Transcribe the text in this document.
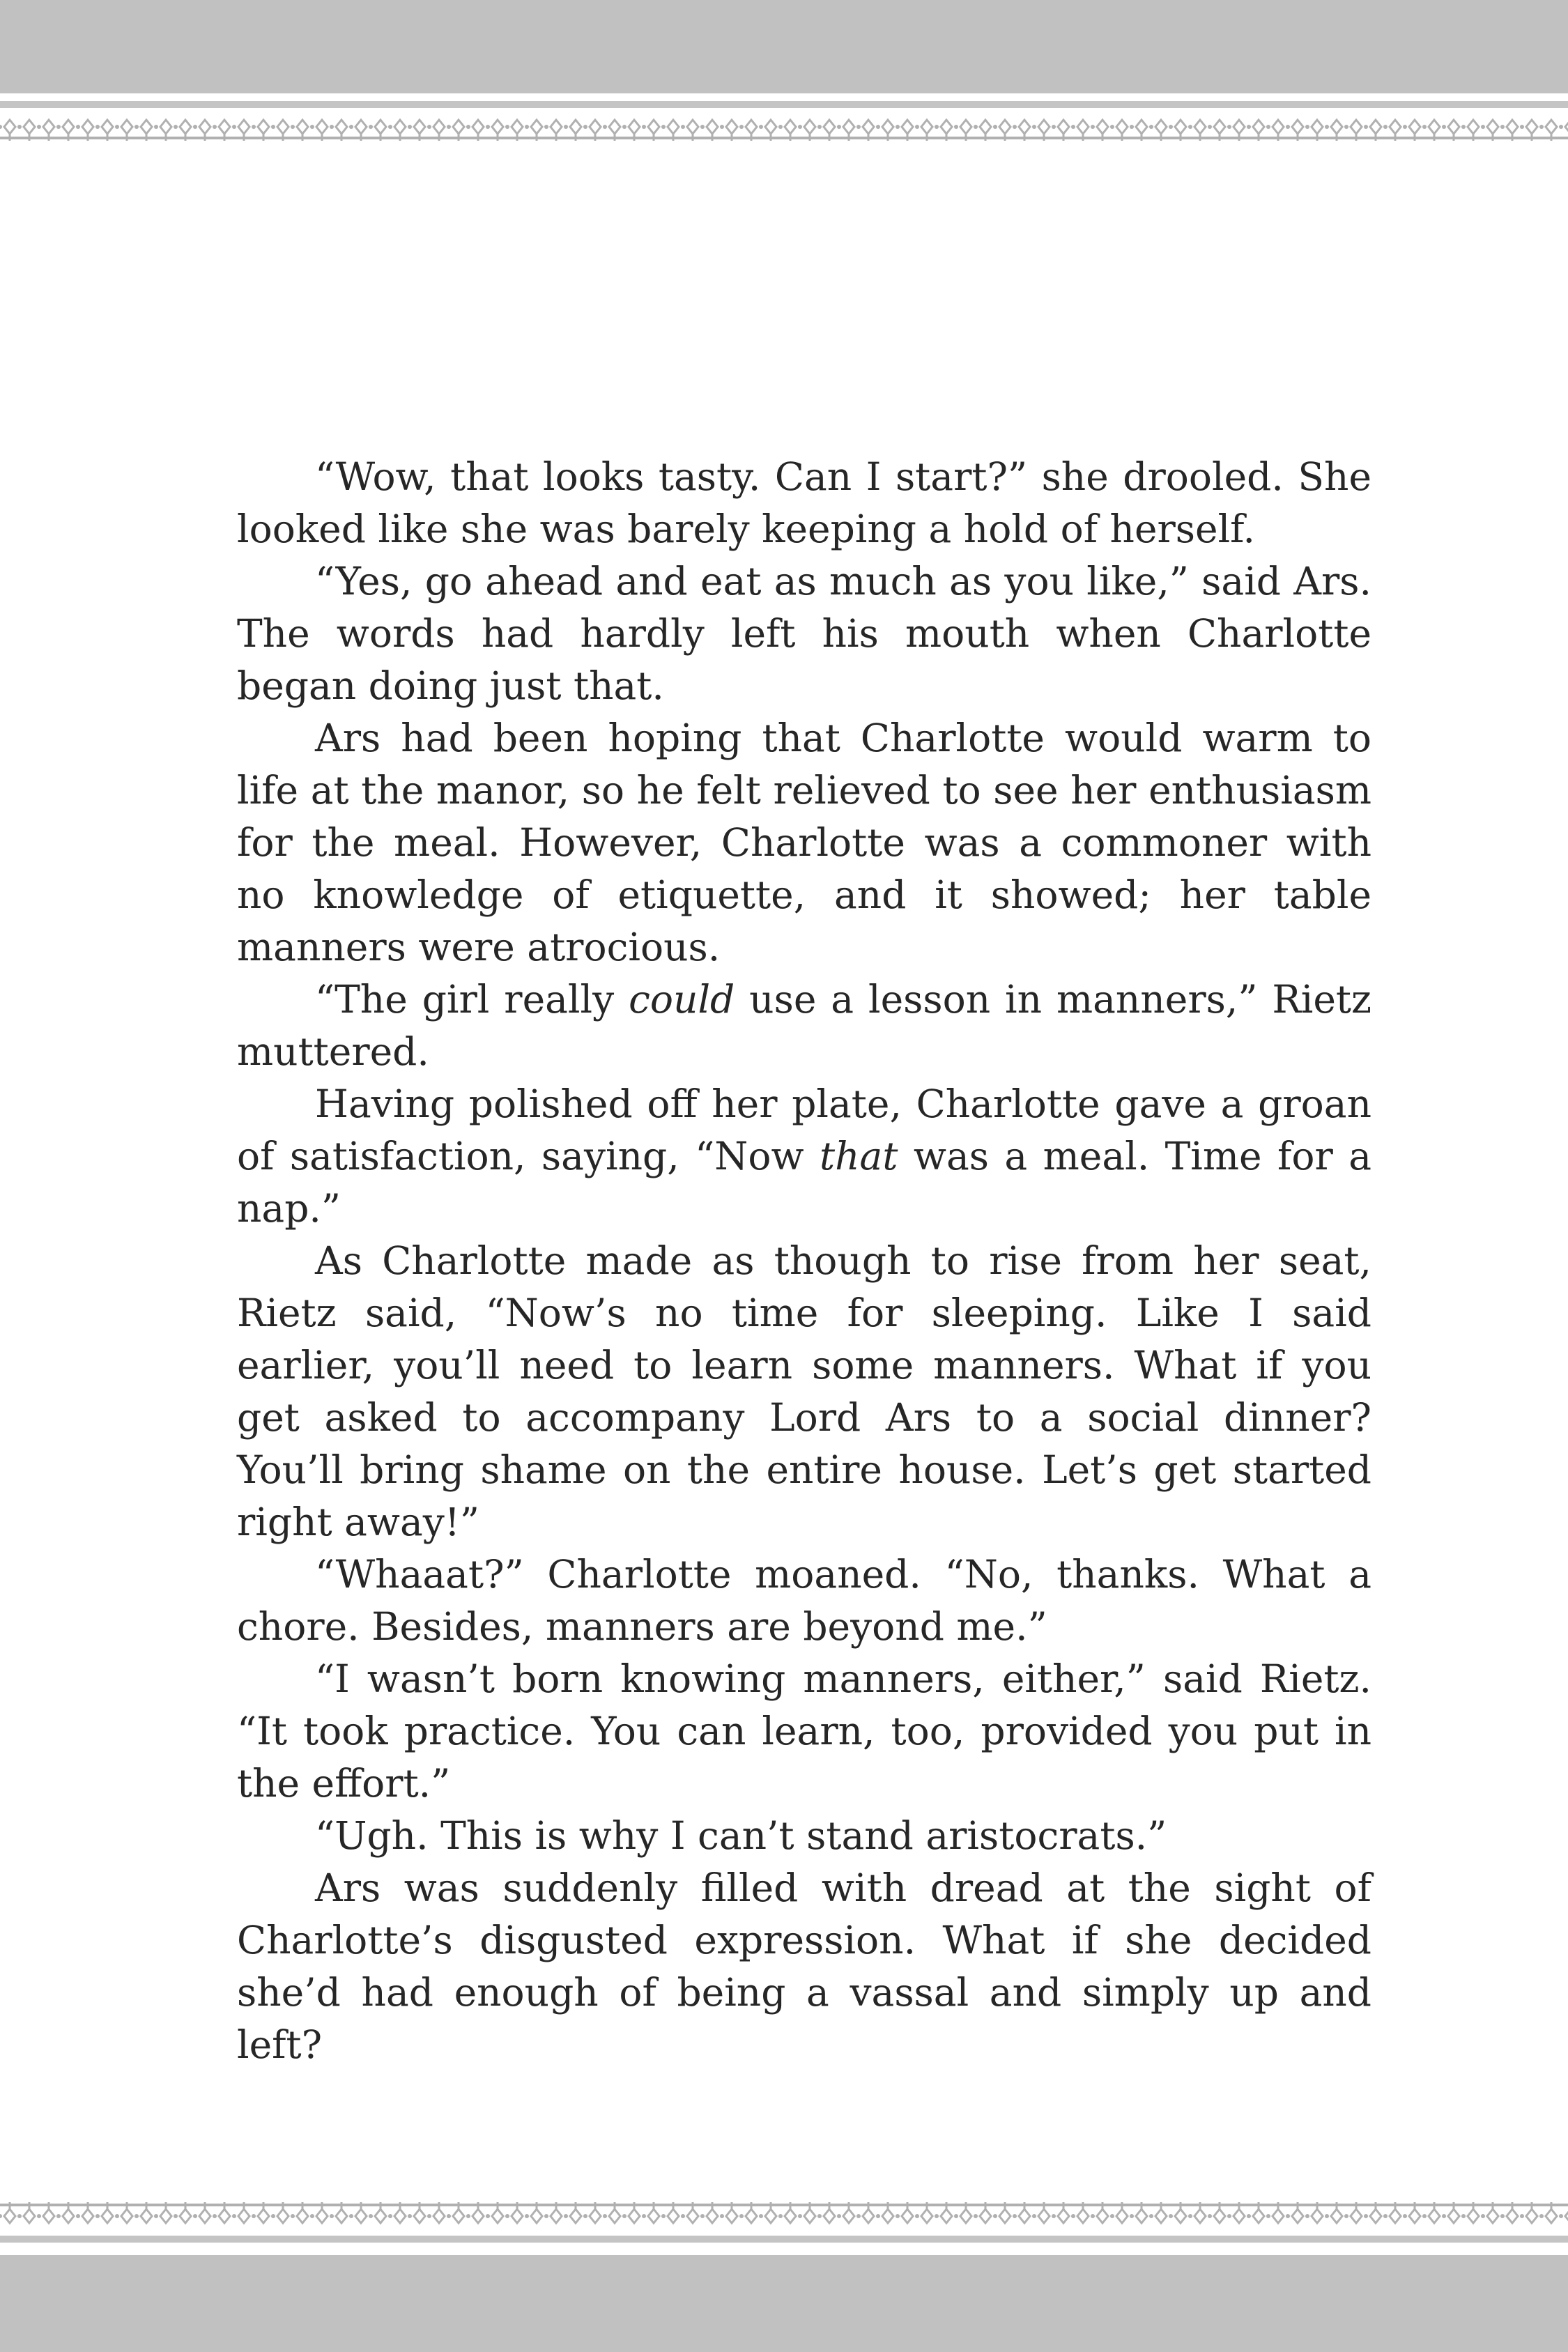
“Wow, that looks tasty. Can I start?” she drooled. She looked like she was barely keeping a hold of herself.

“Yes, go ahead and eat as much as you like,” said Ars. The words had hardly left his mouth when Charlotte began doing just that.

Ars had been hoping that Charlotte would warm to life at the manor, so he felt relieved to see her enthusiasm for the meal. However, Charlotte was a commoner with no knowledge of etiquette, and it showed; her table manners were atrocious.

“The girl really could use a lesson in manners,” Rietz muttered.

Having polished off her plate, Charlotte gave a groan of satisfaction, saying, “Now that was a meal. Time for a nap.”

As Charlotte made as though to rise from her seat, Rietz said, “Now’s no time for sleeping. Like I said earlier, you’ll need to learn some manners. What if you get asked to accompany Lord Ars to a social dinner? You’ll bring shame on the entire house. Let’s get started right away!”

“Whaaat?” Charlotte moaned. “No, thanks. What a chore. Besides, manners are beyond me.”

“I wasn’t born knowing manners, either,” said Rietz. “It took practice. You can learn, too, provided you put in the effort.”

“Ugh. This is why I can’t stand aristocrats.”

Ars was suddenly filled with dread at the sight of Charlotte’s disgusted expression. What if she decided she’d had enough of being a vassal and simply up and left?
